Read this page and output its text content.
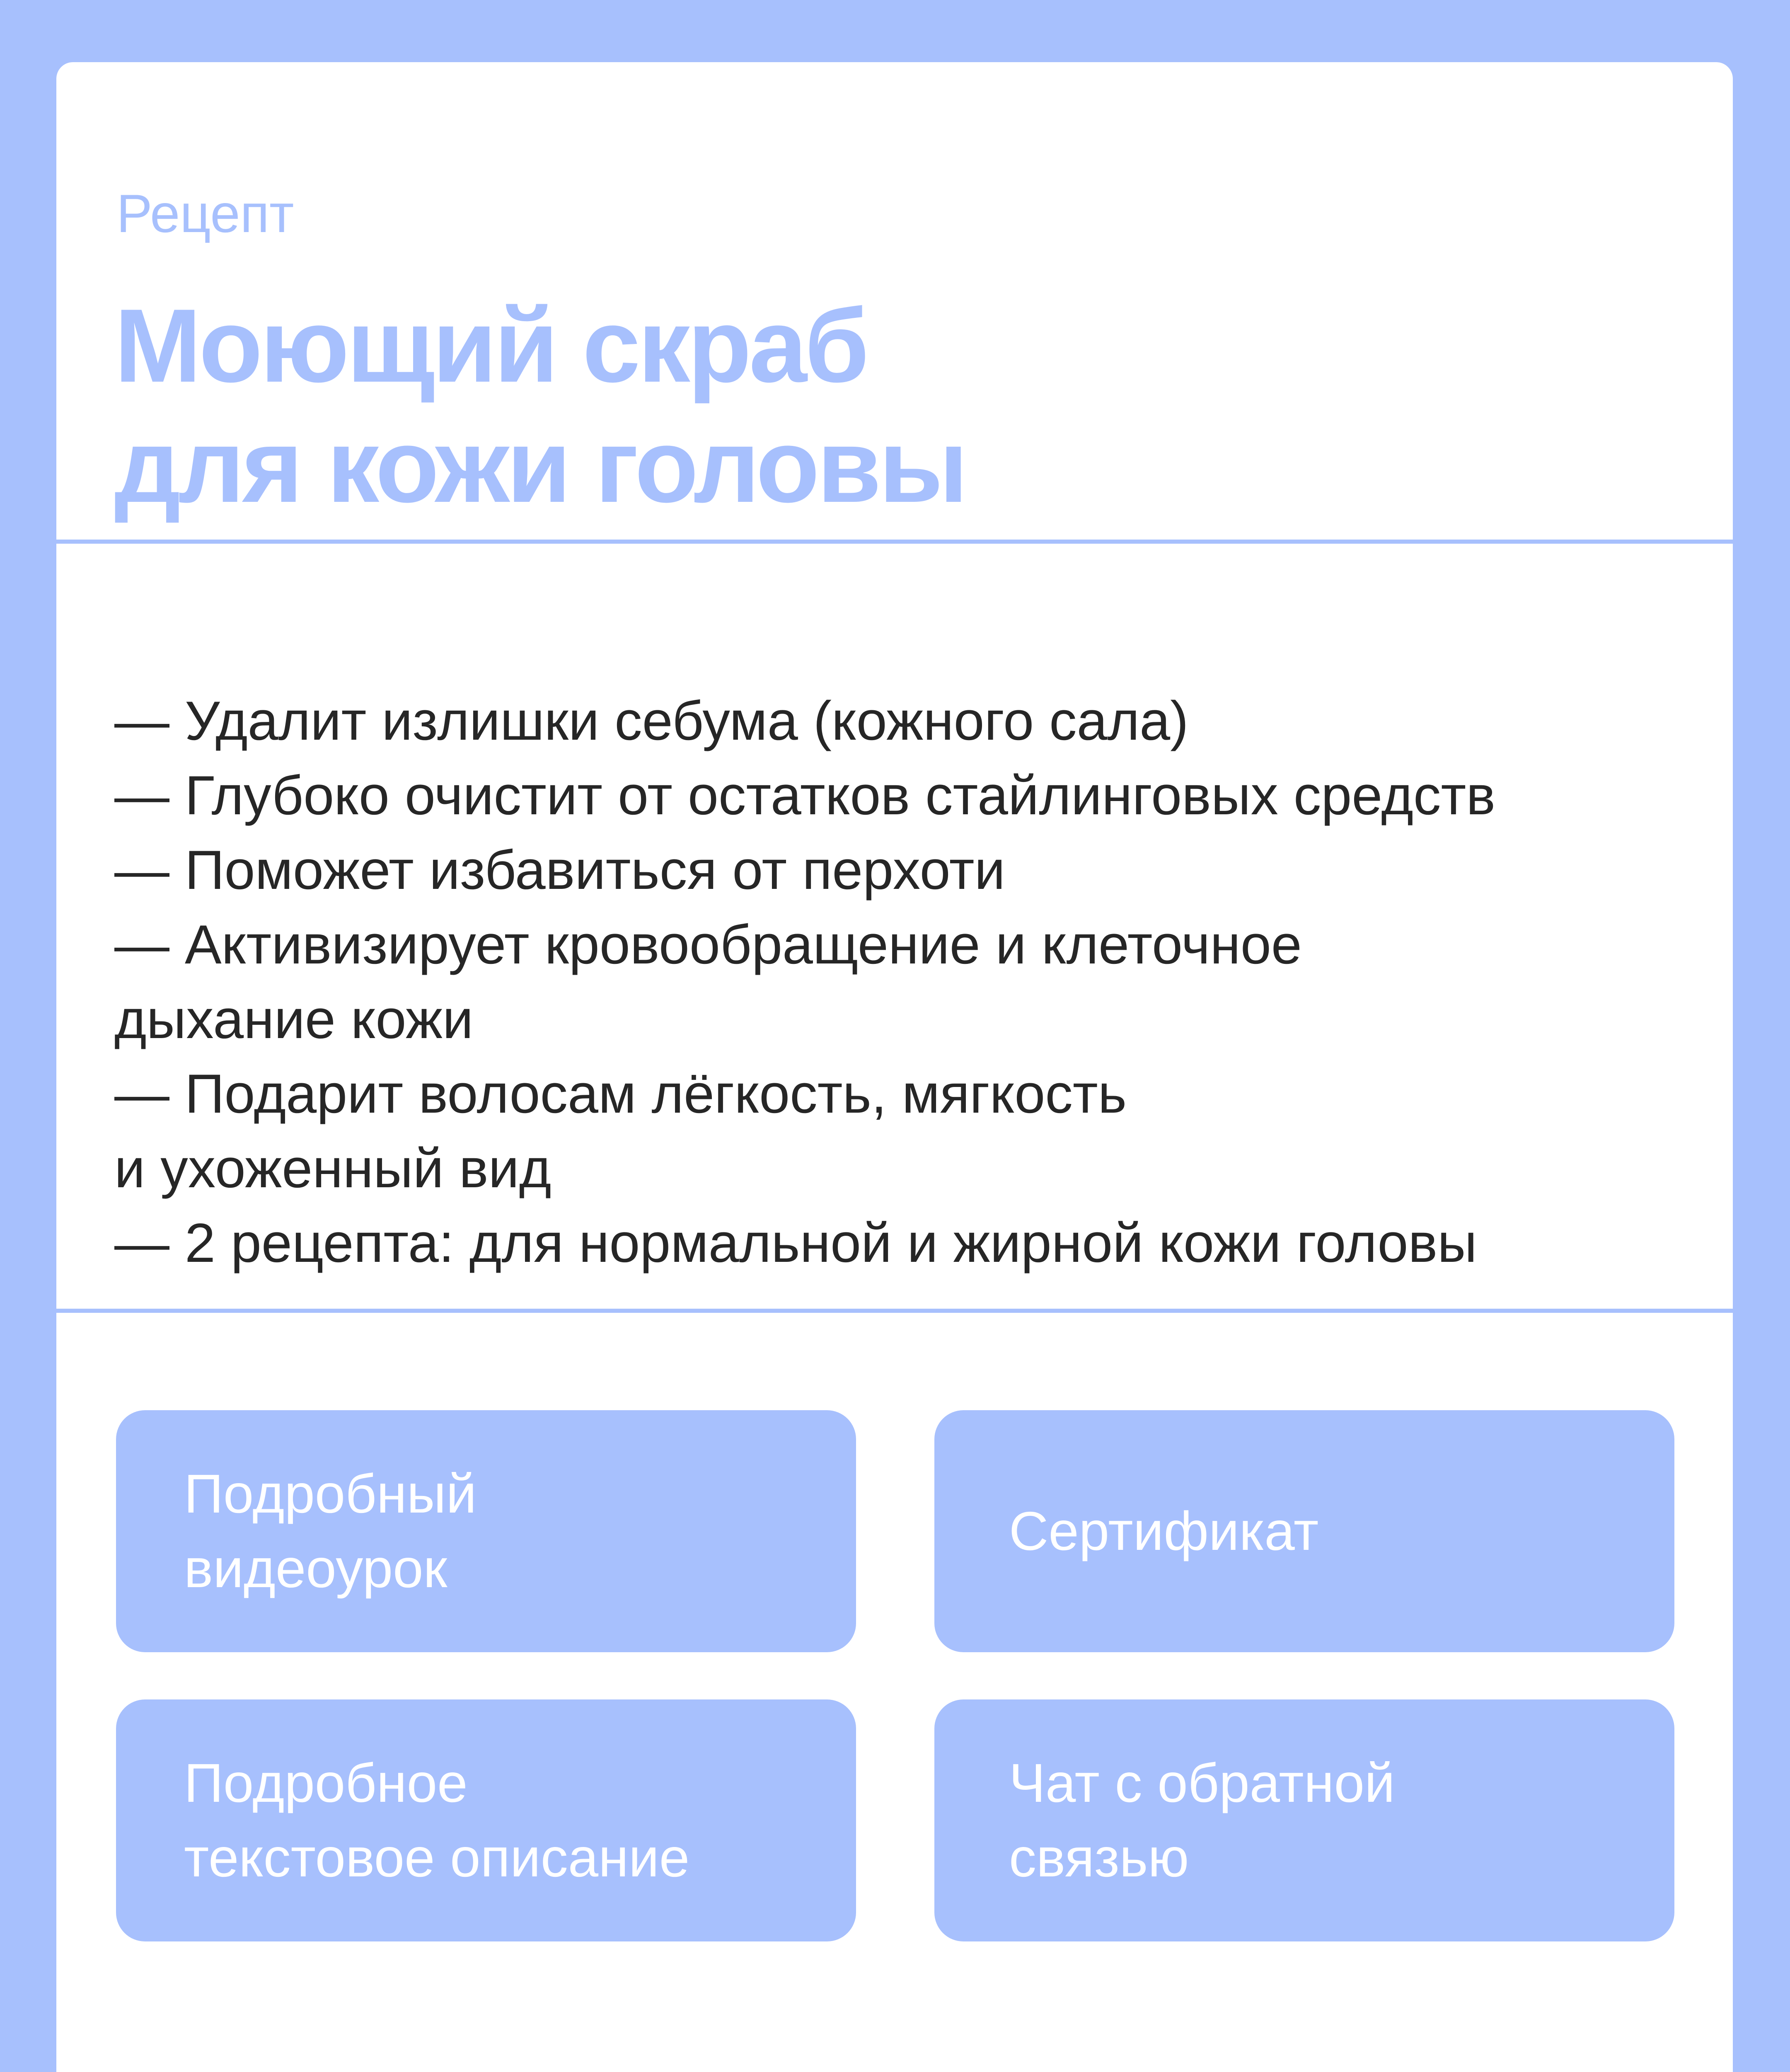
Рецепт
Моющий скраб
для кожи головы
— Удалит излишки себума (кожного сала)
— Глубоко очистит от остатков стайлинговых средств
— Поможет избавиться от перхоти
— Активизирует кровообращение и клеточное
дыхание кожи
— Подарит волосам лёгкость, мягкость
и ухоженный вид
— 2 рецепта: для нормальной и жирной кожи головы
Подробный
видеоурок
Сертификат
Подробное
текстовое описание
Чат с обратной
связью
